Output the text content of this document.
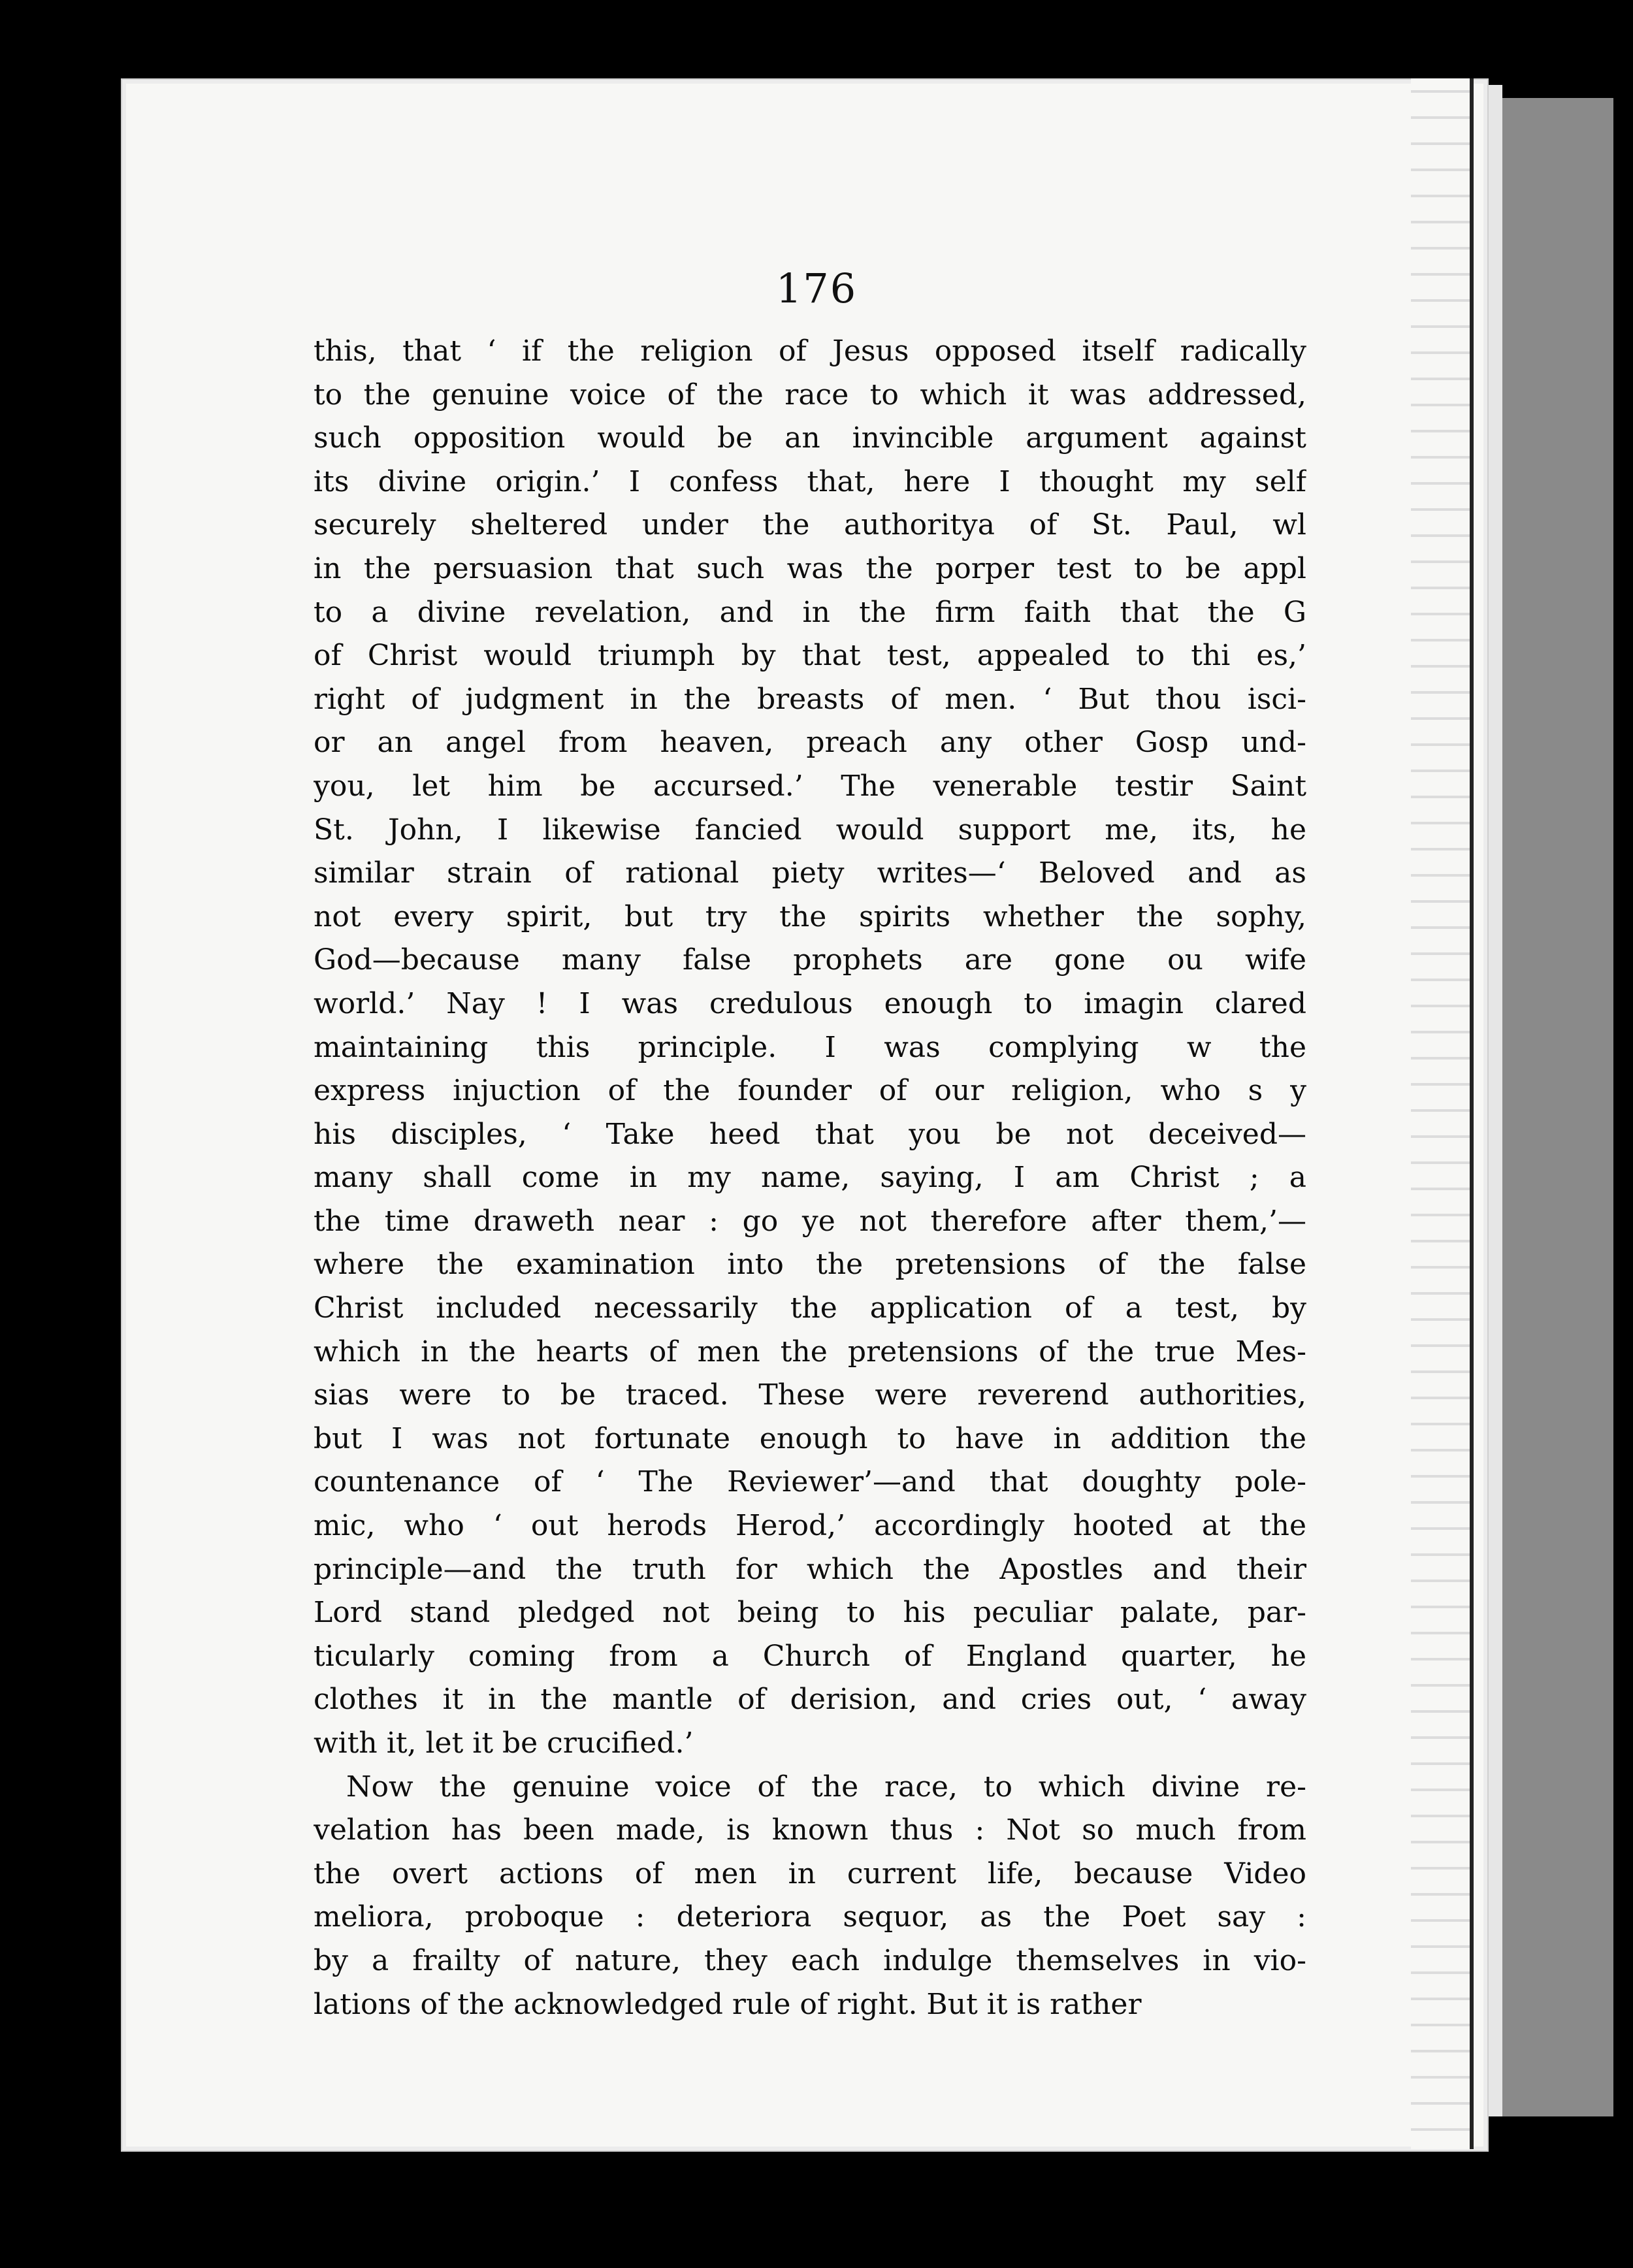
176
this, that ‘ if the religion of Jesus opposed itself radically
to the genuine voice of the race to which it was addressed,
such opposition would be an invincible argument against
its divine origin.’ I confess that, here I thought my self
securely sheltered under the authoritya of St. Paul, wl
in the persuasion that such was the porper test to be appl
to a divine revelation, and in the firm faith that the G
of Christ would triumph by that test, appealed to thi es,’
right of judgment in the breasts of men. ‘ But thou isci-
or an angel from heaven, preach any other Gosp und-
you, let him be accursed.’ The venerable testir Saint
St. John, I likewise fancied would support me, its, he
similar strain of rational piety writes—‘ Beloved and as
not every spirit, but try the spirits whether the sophy,
God—because many false prophets are gone ou wife
world.’ Nay ! I was credulous enough to imagin clared
maintaining this principle. I was complying w the
express injuction of the founder of our religion, who s y
his disciples, ‘ Take heed that you be not deceived—
many shall come in my name, saying, I am Christ ; a
the time draweth near : go ye not therefore after them,’—
where the examination into the pretensions of the false
Christ included necessarily the application of a test, by
which in the hearts of men the pretensions of the true Mes-
sias were to be traced. These were reverend authorities,
but I was not fortunate enough to have in addition the
countenance of ‘ The Reviewer’—and that doughty pole-
mic, who ‘ out herods Herod,’ accordingly hooted at the
principle—and the truth for which the Apostles and their
Lord stand pledged not being to his peculiar palate, par-
ticularly coming from a Church of England quarter, he
clothes it in the mantle of derision, and cries out, ‘ away
with it, let it be crucified.’
Now the genuine voice of the race, to which divine re-
velation has been made, is known thus : Not so much from
the overt actions of men in current life, because Video
meliora, proboque : deteriora sequor, as the Poet say :
by a frailty of nature, they each indulge themselves in vio-
lations of the acknowledged rule of right. But it is rather
